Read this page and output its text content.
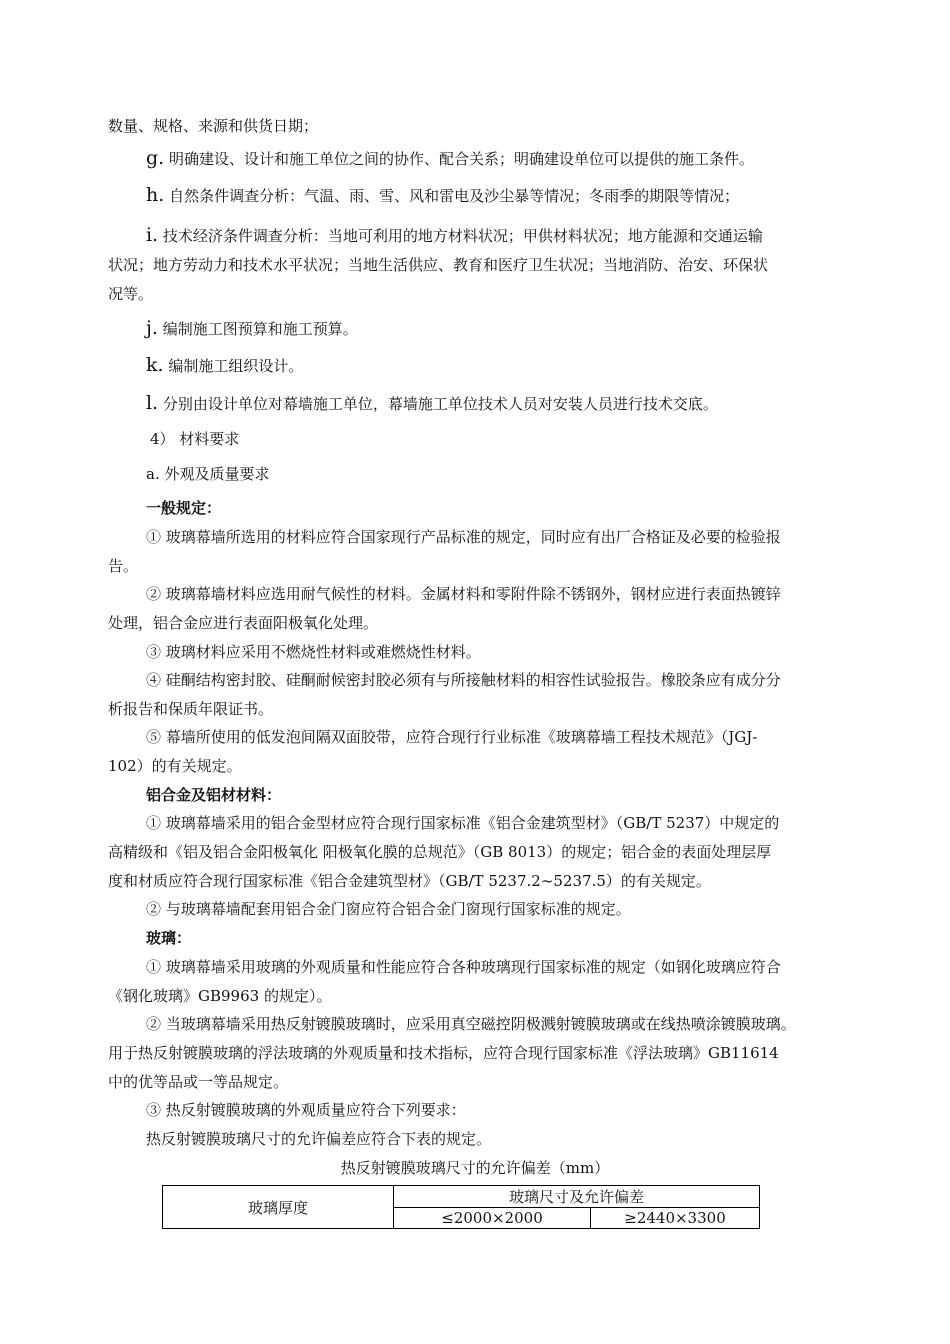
数量、规格、来源和供货日期；
g. 明确建设、设计和施工单位之间的协作、配合关系；明确建设单位可以提供的施工条件。
h. 自然条件调查分析：气温、雨、雪、风和雷电及沙尘暴等情况；冬雨季的期限等情况；
i. 技术经济条件调查分析：当地可利用的地方材料状况；甲供材料状况；地方能源和交通运输
状况；地方劳动力和技术水平状况；当地生活供应、教育和医疗卫生状况；当地消防、治安、环保状
况等。
j. 编制施工图预算和施工预算。
k. 编制施工组织设计。
l. 分别由设计单位对幕墙施工单位，幕墙施工单位技术人员对安装人员进行技术交底。
4） 材料要求
a. 外观及质量要求
一般规定：
① 玻璃幕墙所选用的材料应符合国家现行产品标准的规定，同时应有出厂合格证及必要的检验报
告。
② 玻璃幕墙材料应选用耐气候性的材料。金属材料和零附件除不锈钢外，钢材应进行表面热镀锌
处理，铝合金应进行表面阳极氧化处理。
③ 玻璃材料应采用不燃烧性材料或难燃烧性材料。
④ 硅酮结构密封胶、硅酮耐候密封胶必须有与所接触材料的相容性试验报告。橡胶条应有成分分
析报告和保质年限证书。
⑤ 幕墙所使用的低发泡间隔双面胶带，应符合现行行业标准《玻璃幕墙工程技术规范》（JGJ-
102）的有关规定。
铝合金及铝材材料：
① 玻璃幕墙采用的铝合金型材应符合现行国家标准《铝合金建筑型材》（GB/T 5237）中规定的
高精级和《铝及铝合金阳极氧化 阳极氧化膜的总规范》（GB 8013）的规定；铝合金的表面处理层厚
度和材质应符合现行国家标准《铝合金建筑型材》（GB/T 5237.2~5237.5）的有关规定。
② 与玻璃幕墙配套用铝合金门窗应符合铝合金门窗现行国家标准的规定。
玻璃：
① 玻璃幕墙采用玻璃的外观质量和性能应符合各种玻璃现行国家标准的规定（如钢化玻璃应符合
《钢化玻璃》GB9963 的规定）。
② 当玻璃幕墙采用热反射镀膜玻璃时，应采用真空磁控阴极溅射镀膜玻璃或在线热喷涂镀膜玻璃。
用于热反射镀膜玻璃的浮法玻璃的外观质量和技术指标，应符合现行国家标准《浮法玻璃》GB11614
中的优等品或一等品规定。
③ 热反射镀膜玻璃的外观质量应符合下列要求：
热反射镀膜玻璃尺寸的允许偏差应符合下表的规定。
热反射镀膜玻璃尺寸的允许偏差（mm）
玻璃厚度	玻璃尺寸及允许偏差	
	≤2000×2000	≥2440×3300
